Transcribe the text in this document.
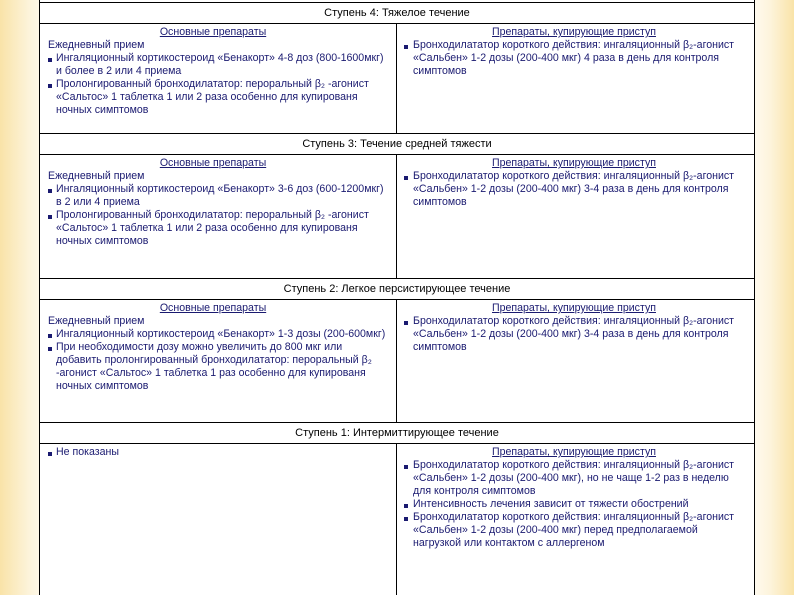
Ступень 4: Тяжелое течение
Основные препараты
Ежедневный прием
Ингаляционный кортикостероид «Бенакорт» 4-8 доз (800-1600мкг) и более в 2 или 4 приема
Пролонгированный бронходилататор: пероральный β₂ -агонист «Сальтос» 1 таблетка 1 или 2 раза особенно для купированя ночных симптомов
Препараты, купирующие приступ
Бронходилататор короткого действия: ингаляционный β₂-агонист «Сальбен» 1-2 дозы (200-400 мкг) 4 раза в день для контроля симптомов
Ступень 3: Течение средней тяжести
Основные препараты
Ежедневный прием
Ингаляционный кортикостероид «Бенакорт» 3-6 доз (600-1200мкг) в 2 или 4 приема
Пролонгированный бронходилататор: пероральный β₂ -агонист «Сальтос» 1 таблетка 1 или 2 раза особенно для купированя ночных симптомов
Препараты, купирующие приступ
Бронходилататор короткого действия: ингаляционный β₂-агонист «Сальбен» 1-2 дозы (200-400 мкг) 3-4 раза в день для контроля симптомов
Ступень 2: Легкое персистирующее течение
Основные препараты
Ежедневный прием
Ингаляционный кортикостероид «Бенакорт» 1-3 дозы (200-600мкг)
При необходимости дозу можно увеличить до 800 мкг или добавить пролонгированный бронходилататор: пероральный β₂ -агонист «Сальтос» 1 таблетка 1 раз особенно для купированя ночных симптомов
Препараты, купирующие приступ
Бронходилататор короткого действия: ингаляционный β₂-агонист «Сальбен» 1-2 дозы (200-400 мкг) 3-4 раза в день для контроля симптомов
Ступень 1: Интермиттирующее течение
Не показаны	Препараты, купирующие приступ
Бронходилататор короткого действия: ингаляционный β₂-агонист «Сальбен» 1-2 дозы (200-400 мкг), но не чаще 1-2 раз в неделю для контроля симптомов
Интенсивность лечения зависит от тяжести обострений
Бронходилататор короткого действия: ингаляционный β₂-агонист «Сальбен» 1-2 дозы (200-400 мкг) перед предполагаемой нагрузкой или контактом с аллергеном
